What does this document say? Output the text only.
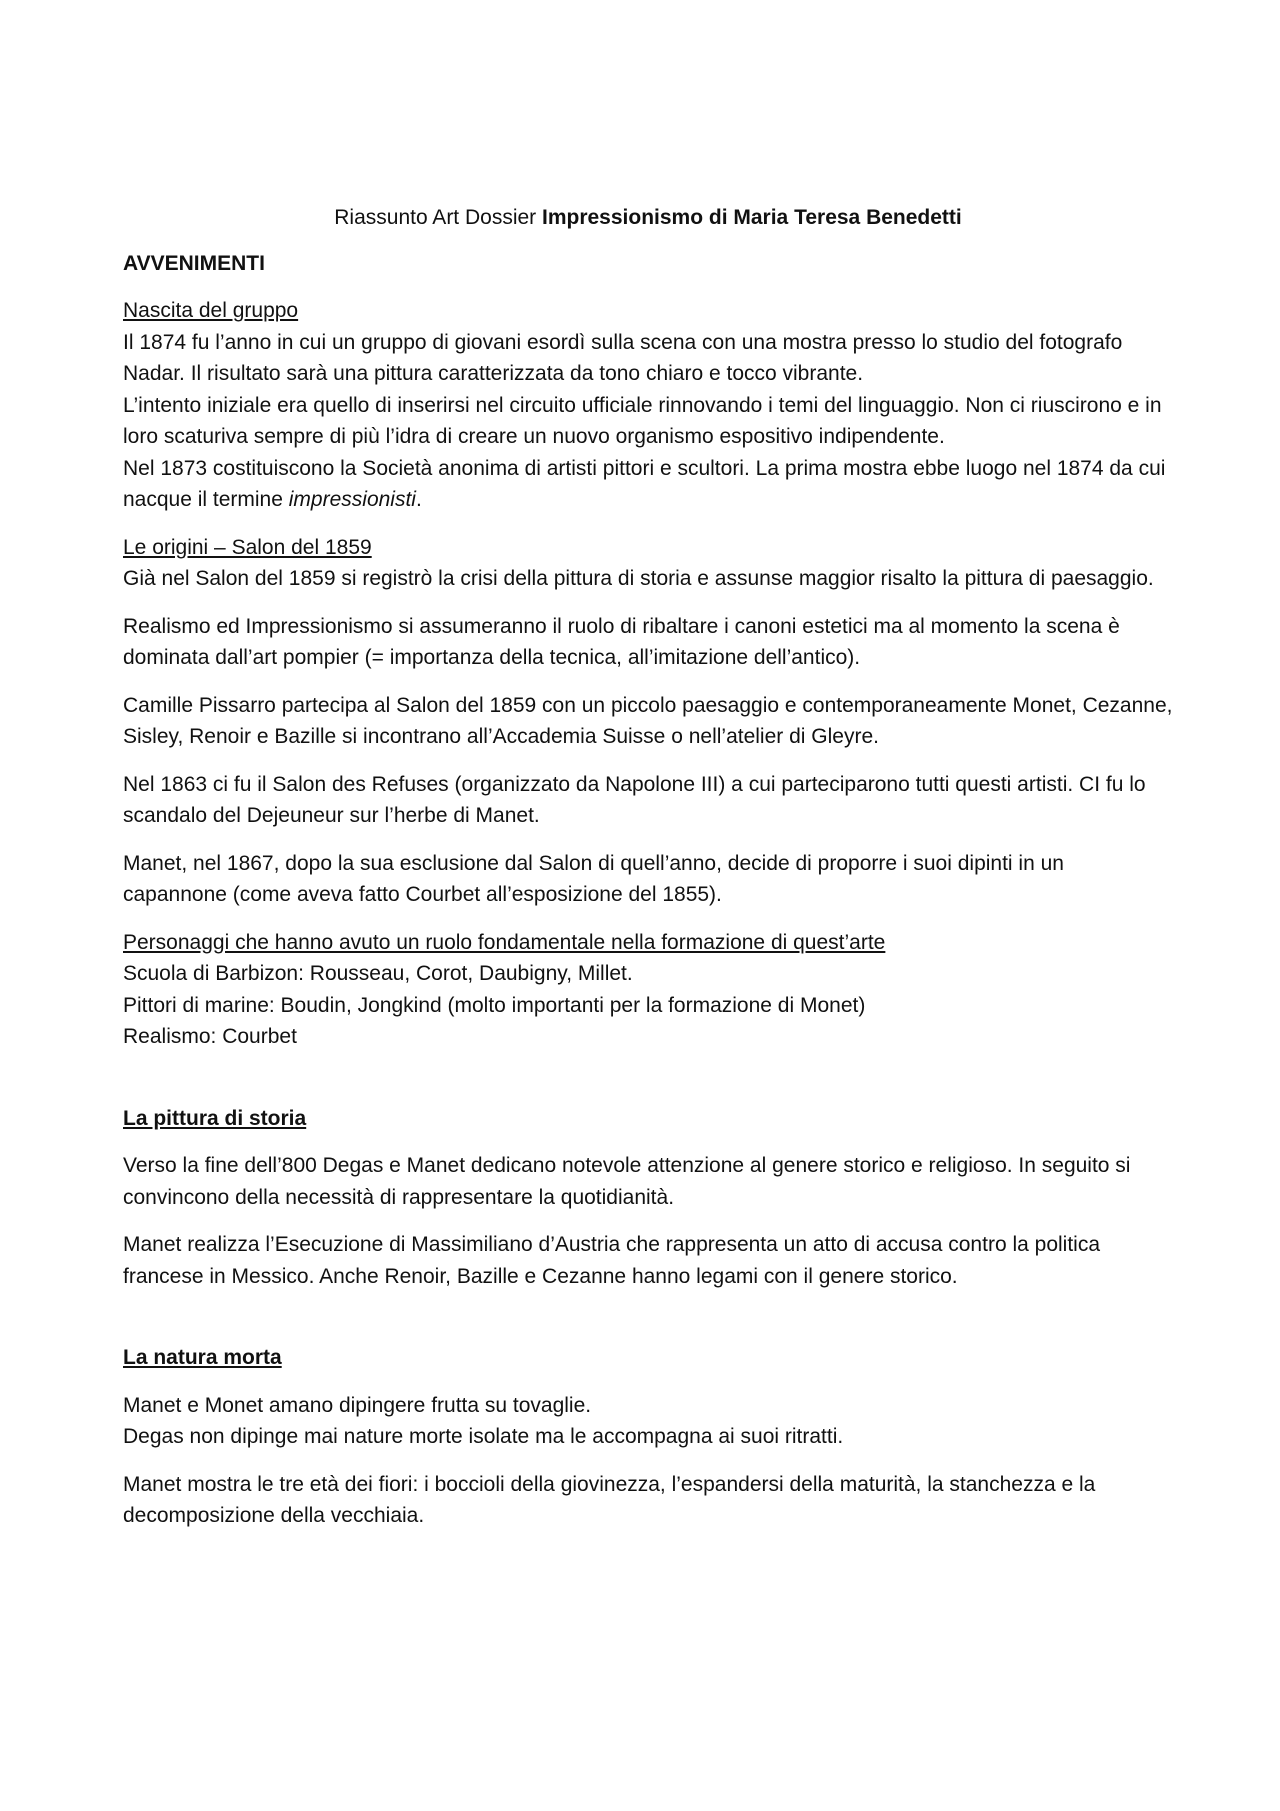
Riassunto Art Dossier Impressionismo di Maria Teresa Benedetti

AVVENIMENTI

Nascita del gruppo
Il 1874 fu l’anno in cui un gruppo di giovani esordì sulla scena con una mostra presso lo studio del fotografo Nadar. Il risultato sarà una pittura caratterizzata da tono chiaro e tocco vibrante.
L’intento iniziale era quello di inserirsi nel circuito ufficiale rinnovando i temi del linguaggio. Non ci riuscirono e in loro scaturiva sempre di più l’idra di creare un nuovo organismo espositivo indipendente.
Nel 1873 costituiscono la Società anonima di artisti pittori e scultori. La prima mostra ebbe luogo nel 1874 da cui nacque il termine impressionisti.

Le origini – Salon del 1859
Già nel Salon del 1859 si registrò la crisi della pittura di storia e assunse maggior risalto la pittura di paesaggio.

Realismo ed Impressionismo si assumeranno il ruolo di ribaltare i canoni estetici ma al momento la scena è dominata dall’art pompier (= importanza della tecnica, all’imitazione dell’antico).

Camille Pissarro partecipa al Salon del 1859 con un piccolo paesaggio e contemporaneamente Monet, Cezanne, Sisley, Renoir e Bazille si incontrano all’Accademia Suisse o nell’atelier di Gleyre.

Nel 1863 ci fu il Salon des Refuses (organizzato da Napolone III) a cui parteciparono tutti questi artisti. CI fu lo scandalo del Dejeuneur sur l’herbe di Manet.

Manet, nel 1867, dopo la sua esclusione dal Salon di quell’anno, decide di proporre i suoi dipinti in un capannone (come aveva fatto Courbet all’esposizione del 1855).

Personaggi che hanno avuto un ruolo fondamentale nella formazione di quest’arte
Scuola di Barbizon: Rousseau, Corot, Daubigny, Millet.
Pittori di marine: Boudin, Jongkind (molto importanti per la formazione di Monet)
Realismo: Courbet

La pittura di storia

Verso la fine dell’800 Degas e Manet dedicano notevole attenzione al genere storico e religioso. In seguito si convincono della necessità di rappresentare la quotidianità.

Manet realizza l’Esecuzione di Massimiliano d’Austria che rappresenta un atto di accusa contro la politica francese in Messico. Anche Renoir, Bazille e Cezanne hanno legami con il genere storico.

La natura morta

Manet e Monet amano dipingere frutta su tovaglie.
Degas non dipinge mai nature morte isolate ma le accompagna ai suoi ritratti.

Manet mostra le tre età dei fiori: i boccioli della giovinezza, l’espandersi della maturità, la stanchezza e la decomposizione della vecchiaia.
